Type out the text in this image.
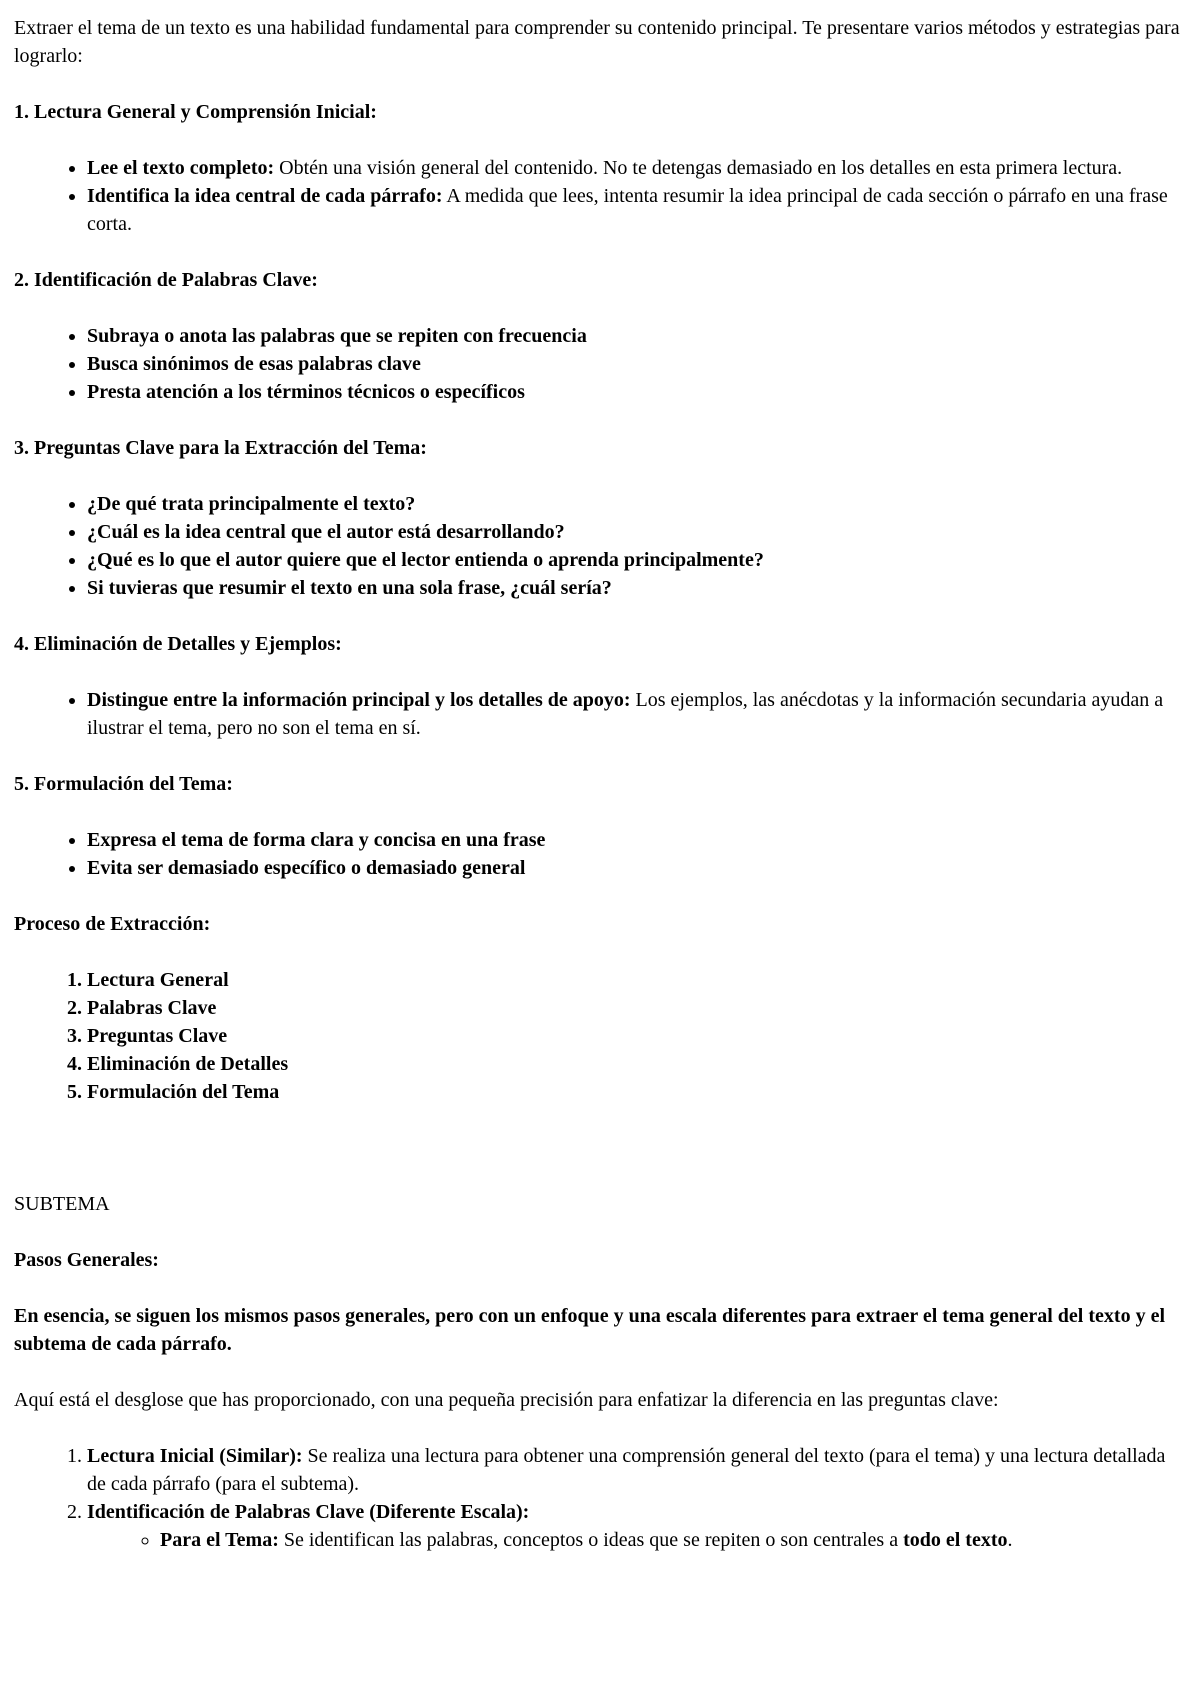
Extraer el tema de un texto es una habilidad fundamental para comprender su contenido principal. Te presentare varios métodos y estrategias para lograrlo:

1. Lectura General y Comprensión Inicial:

• Lee el texto completo: Obtén una visión general del contenido. No te detengas demasiado en los detalles en esta primera lectura.
• Identifica la idea central de cada párrafo: A medida que lees, intenta resumir la idea principal de cada sección o párrafo en una frase corta.

2. Identificación de Palabras Clave:

• Subraya o anota las palabras que se repiten con frecuencia
• Busca sinónimos de esas palabras clave
• Presta atención a los términos técnicos o específicos

3. Preguntas Clave para la Extracción del Tema:

• ¿De qué trata principalmente el texto?
• ¿Cuál es la idea central que el autor está desarrollando?
• ¿Qué es lo que el autor quiere que el lector entienda o aprenda principalmente?
• Si tuvieras que resumir el texto en una sola frase, ¿cuál sería?

4. Eliminación de Detalles y Ejemplos:

• Distingue entre la información principal y los detalles de apoyo: Los ejemplos, las anécdotas y la información secundaria ayudan a ilustrar el tema, pero no son el tema en sí.

5. Formulación del Tema:

• Expresa el tema de forma clara y concisa en una frase
• Evita ser demasiado específico o demasiado general

Proceso de Extracción:

1. Lectura General
2. Palabras Clave
3. Preguntas Clave
4. Eliminación de Detalles
5. Formulación del Tema

SUBTEMA

Pasos Generales:

En esencia, se siguen los mismos pasos generales, pero con un enfoque y una escala diferentes para extraer el tema general del texto y el subtema de cada párrafo.

Aquí está el desglose que has proporcionado, con una pequeña precisión para enfatizar la diferencia en las preguntas clave:

1. Lectura Inicial (Similar): Se realiza una lectura para obtener una comprensión general del texto (para el tema) y una lectura detallada de cada párrafo (para el subtema).
2. Identificación de Palabras Clave (Diferente Escala):
◦ Para el Tema: Se identifican las palabras, conceptos o ideas que se repiten o son centrales a todo el texto.
